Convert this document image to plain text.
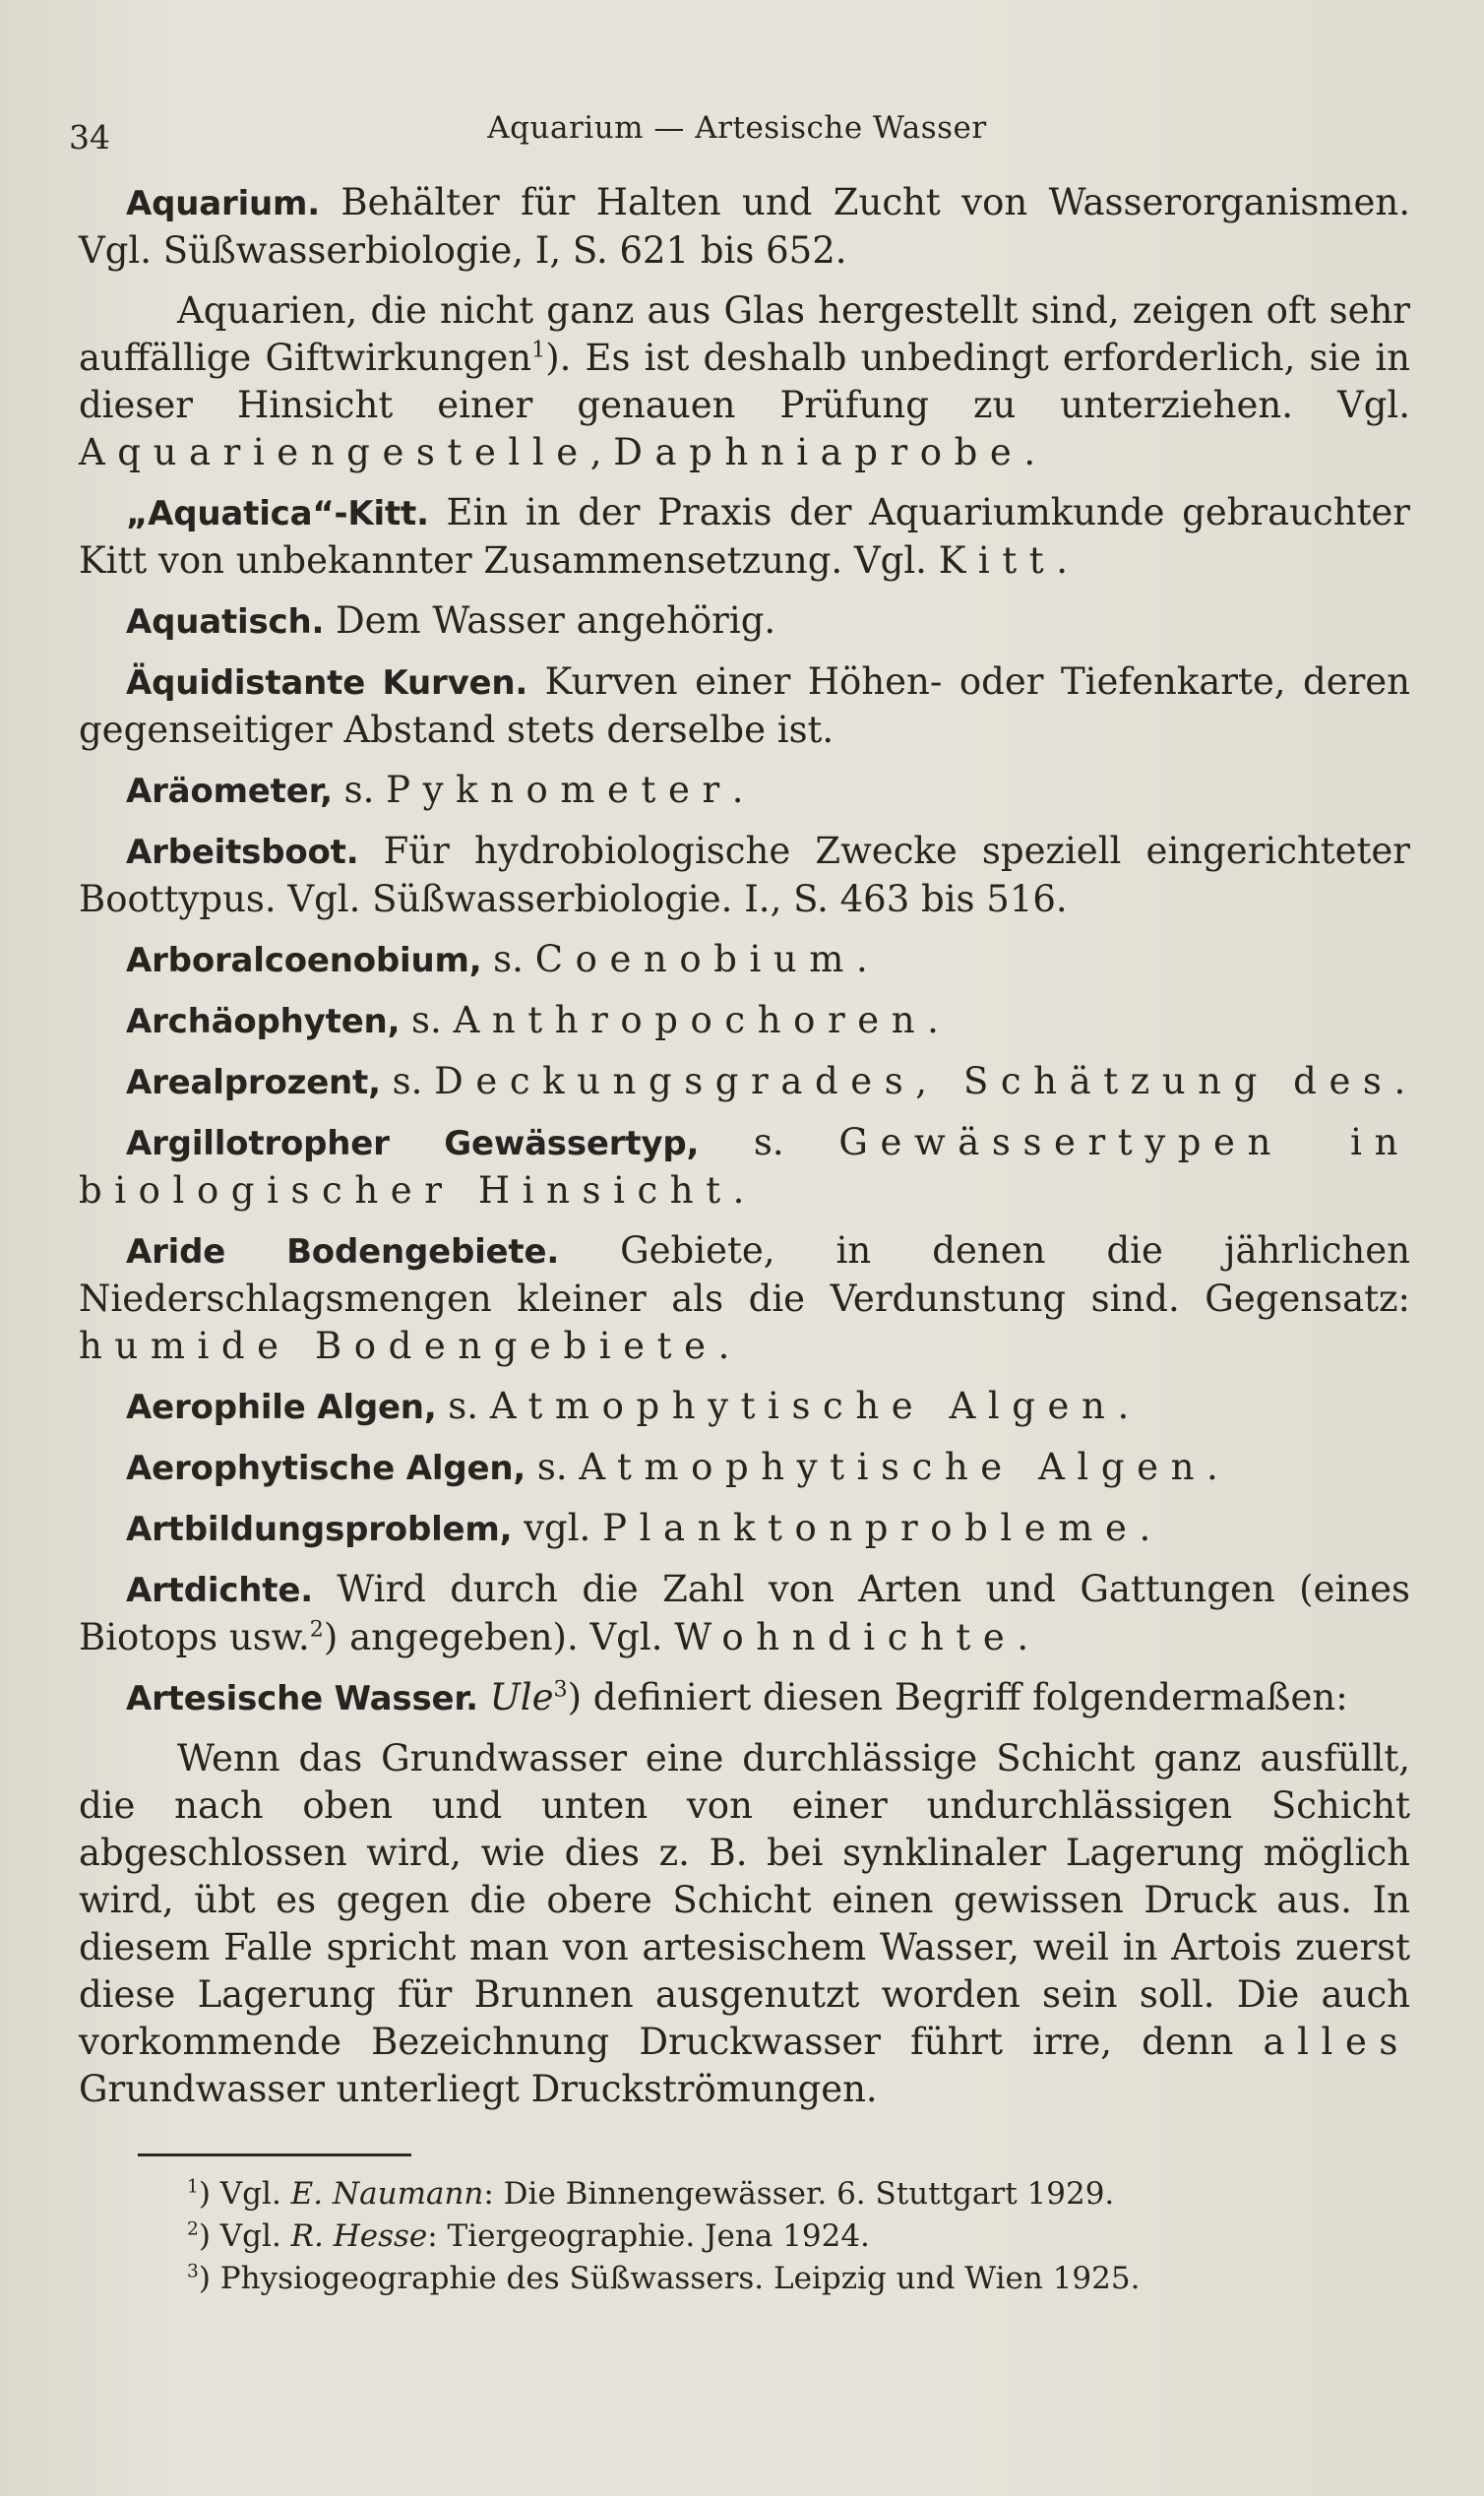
34	Aquarium — Artesische Wasser

Aquarium. Behälter für Halten und Zucht von Wasserorganismen. Vgl. Süßwasserbiologie, I, S. 621 bis 652.

Aquarien, die nicht ganz aus Glas hergestellt sind, zeigen oft sehr auffällige Giftwirkungen$^1$). Es ist deshalb unbedingt erforderlich, sie in dieser Hinsicht einer genauen Prüfung zu unterziehen. Vgl. Aquariengestelle, Daphniaprobe.

„Aquatica“-Kitt. Ein in der Praxis der Aquariumkunde gebrauchter Kitt von unbekannter Zusammensetzung. Vgl. Kitt.

Aquatisch. Dem Wasser angehörig.

Äquidistante Kurven. Kurven einer Höhen- oder Tiefenkarte, deren gegenseitiger Abstand stets derselbe ist.

Aräometer, s. Pyknometer.

Arbeitsboot. Für hydrobiologische Zwecke speziell eingerichteter Boottypus. Vgl. Süßwasserbiologie. I., S. 463 bis 516.

Arboralcoenobium, s. Coenobium.

Archäophyten, s. Anthropochoren.

Arealprozent, s. Deckungsgrades, Schätzung des.

Argillotropher Gewässertyp, s. Gewässertypen in biologischer Hinsicht.

Aride Bodengebiete. Gebiete, in denen die jährlichen Niederschlagsmengen kleiner als die Verdunstung sind. Gegensatz: humide Bodengebiete.

Aerophile Algen, s. Atmophytische Algen.

Aerophytische Algen, s. Atmophytische Algen.

Artbildungsproblem, vgl. Planktonprobleme.

Artdichte. Wird durch die Zahl von Arten und Gattungen (eines Biotops usw.$^2$) angegeben). Vgl. Wohndichte.

Artesische Wasser. Ule$^3$) definiert diesen Begriff folgendermaßen:

Wenn das Grundwasser eine durchlässige Schicht ganz ausfüllt, die nach oben und unten von einer undurchlässigen Schicht abgeschlossen wird, wie dies z. B. bei synklinaler Lagerung möglich wird, übt es gegen die obere Schicht einen gewissen Druck aus. In diesem Falle spricht man von artesischem Wasser, weil in Artois zuerst diese Lagerung für Brunnen ausgenutzt worden sein soll. Die auch vorkommende Bezeichnung Druckwasser führt irre, denn alles Grundwasser unterliegt Druckströmungen.

$^1$) Vgl. E. Naumann: Die Binnengewässer. 6. Stuttgart 1929.

$^2$) Vgl. R. Hesse: Tiergeographie. Jena 1924.

$^3$) Physiogeographie des Süßwassers. Leipzig und Wien 1925.
